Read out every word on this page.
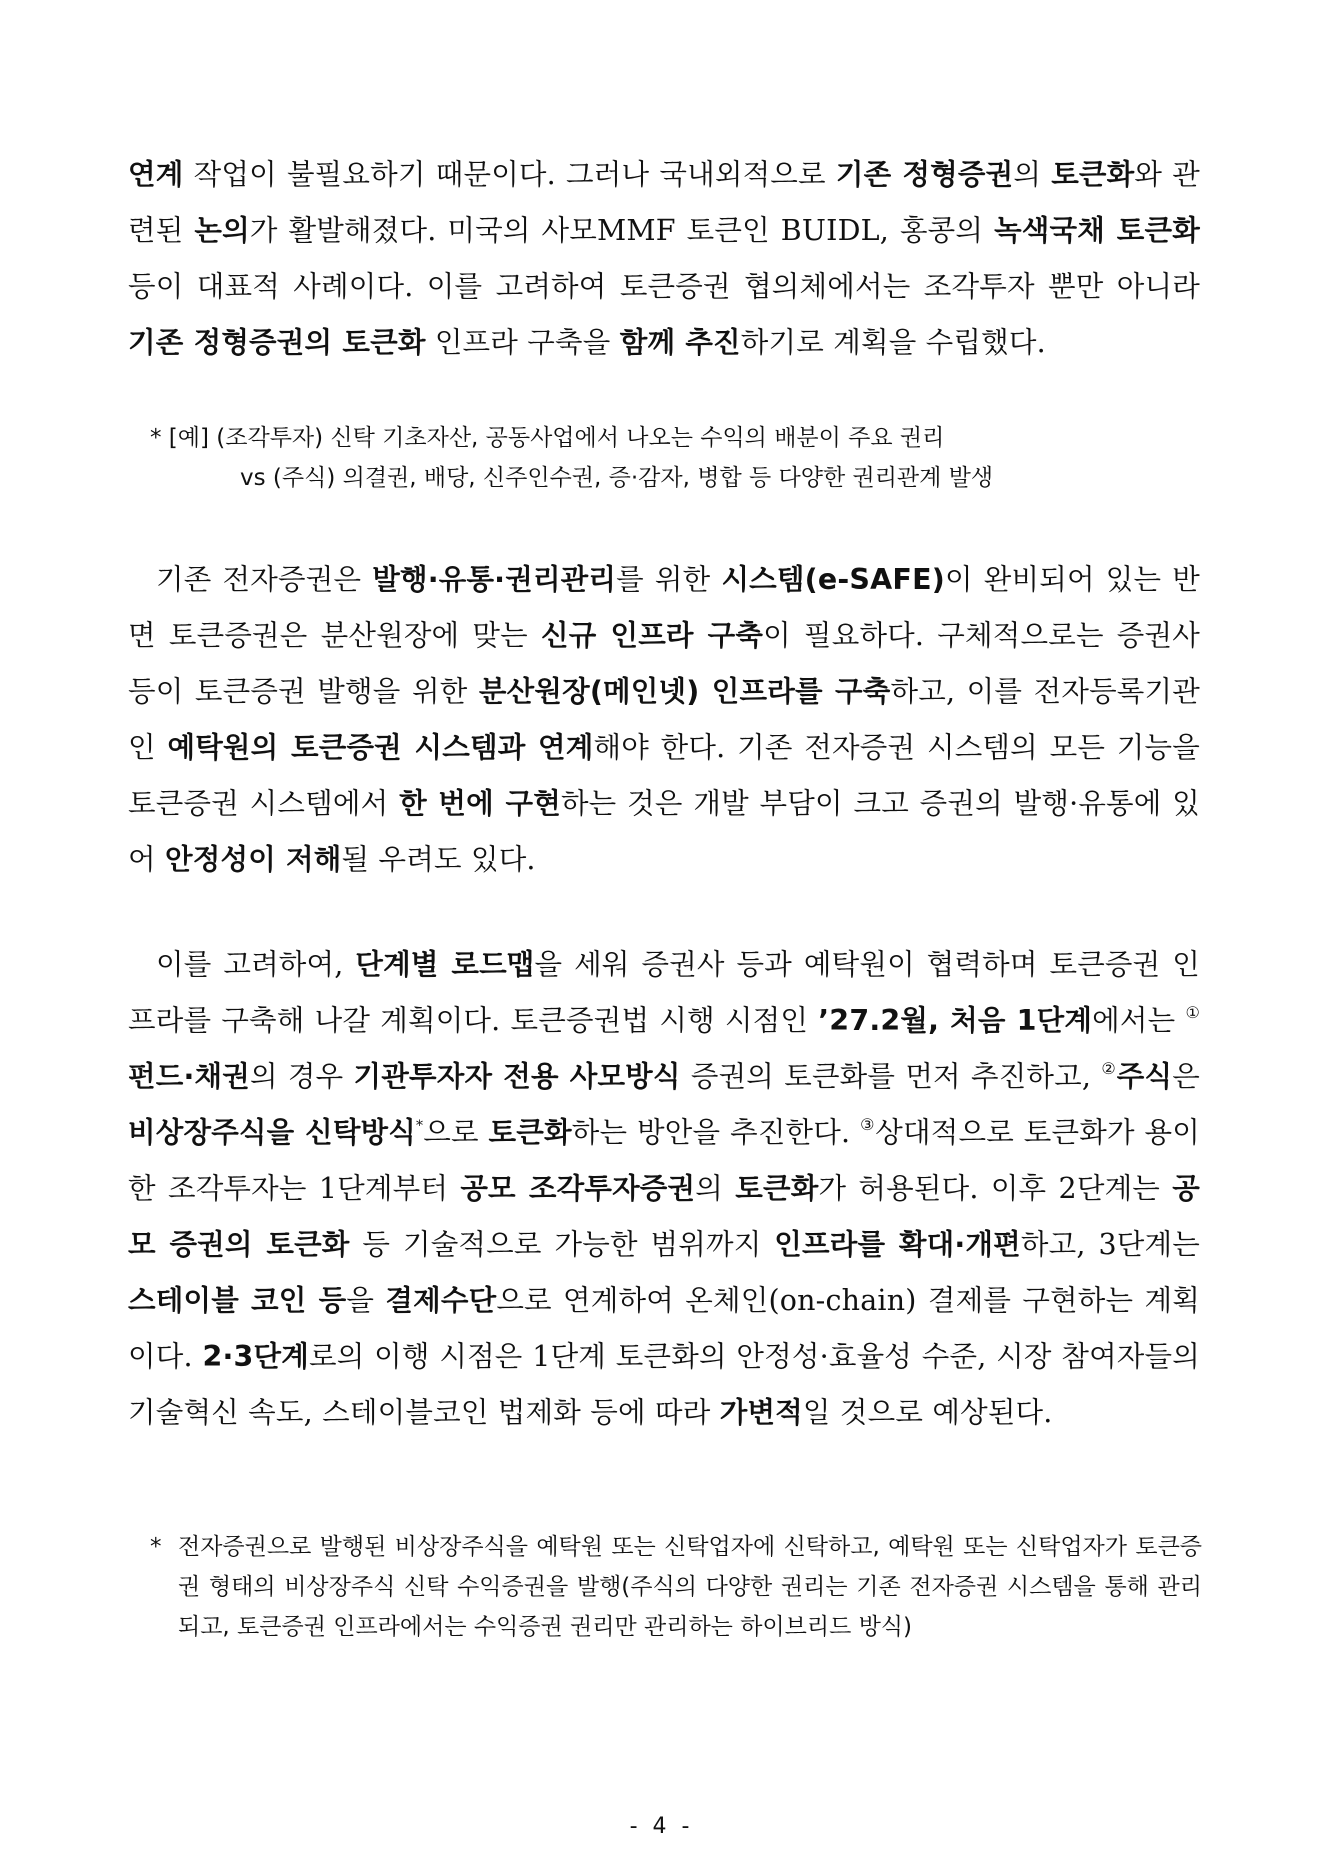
연계 작업이 불필요하기 때문이다. 그러나 국내외적으로 기존 정형증권의 토큰화와 관련된 논의가 활발해졌다. 미국의 사모MMF 토큰인 BUIDL, 홍콩의 녹색국채 토큰화 등이 대표적 사례이다. 이를 고려하여 토큰증권 협의체에서는 조각투자 뿐만 아니라 기존 정형증권의 토큰화 인프라 구축을 함께 추진하기로 계획을 수립했다.

* [예] (조각투자) 신탁 기초자산, 공동사업에서 나오는 수익의 배분이 주요 권리
vs (주식) 의결권, 배당, 신주인수권, 증·감자, 병합 등 다양한 권리관계 발생

기존 전자증권은 발행·유통·권리관리를 위한 시스템(e-SAFE)이 완비되어 있는 반면 토큰증권은 분산원장에 맞는 신규 인프라 구축이 필요하다. 구체적으로는 증권사 등이 토큰증권 발행을 위한 분산원장(메인넷) 인프라를 구축하고, 이를 전자등록기관인 예탁원의 토큰증권 시스템과 연계해야 한다. 기존 전자증권 시스템의 모든 기능을 토큰증권 시스템에서 한 번에 구현하는 것은 개발 부담이 크고 증권의 발행·유통에 있어 안정성이 저해될 우려도 있다.

이를 고려하여, 단계별 로드맵을 세워 증권사 등과 예탁원이 협력하며 토큰증권 인프라를 구축해 나갈 계획이다. 토큰증권법 시행 시점인 ’27.2월, 처음 1단계에서는 ①펀드·채권의 경우 기관투자자 전용 사모방식 증권의 토큰화를 먼저 추진하고, ②주식은 비상장주식을 신탁방식*으로 토큰화하는 방안을 추진한다. ③상대적으로 토큰화가 용이한 조각투자는 1단계부터 공모 조각투자증권의 토큰화가 허용된다. 이후 2단계는 공모 증권의 토큰화 등 기술적으로 가능한 범위까지 인프라를 확대·개편하고, 3단계는 스테이블 코인 등을 결제수단으로 연계하여 온체인(on-chain) 결제를 구현하는 계획이다. 2·3단계로의 이행 시점은 1단계 토큰화의 안정성·효율성 수준, 시장 참여자들의 기술혁신 속도, 스테이블코인 법제화 등에 따라 가변적일 것으로 예상된다.

* 전자증권으로 발행된 비상장주식을 예탁원 또는 신탁업자에 신탁하고, 예탁원 또는 신탁업자가 토큰증권 형태의 비상장주식 신탁 수익증권을 발행(주식의 다양한 권리는 기존 전자증권 시스템을 통해 관리되고, 토큰증권 인프라에서는 수익증권 권리만 관리하는 하이브리드 방식)
- 4 -
